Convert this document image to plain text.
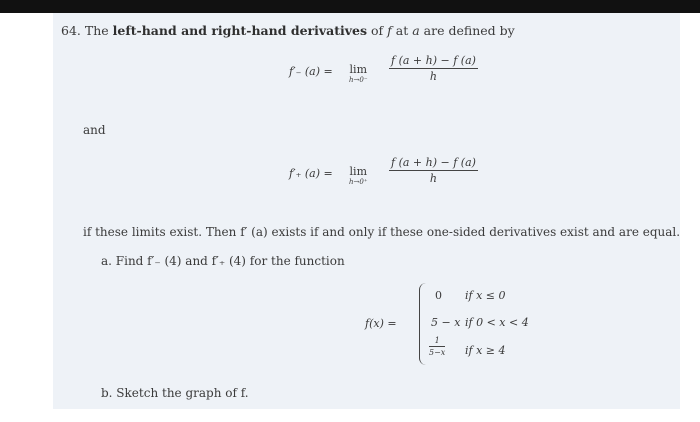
64. The left-hand and right-hand derivatives of f at a are defined by
f′₋ (a) = lim
h→0⁻
f (a + h) − f (a)
h
and
f′₊ (a) = lim
h→0⁺
f (a + h) − f (a)
h
if these limits exist. Then f′ (a) exists if and only if these one-sided derivatives exist and are equal.
a. Find f′₋ (4) and f′₊ (4) for the function
f(x) =
0 if x ≤ 0
5 − x if 0 < x < 4
1
5−x if x ≥ 4
b. Sketch the graph of f.
